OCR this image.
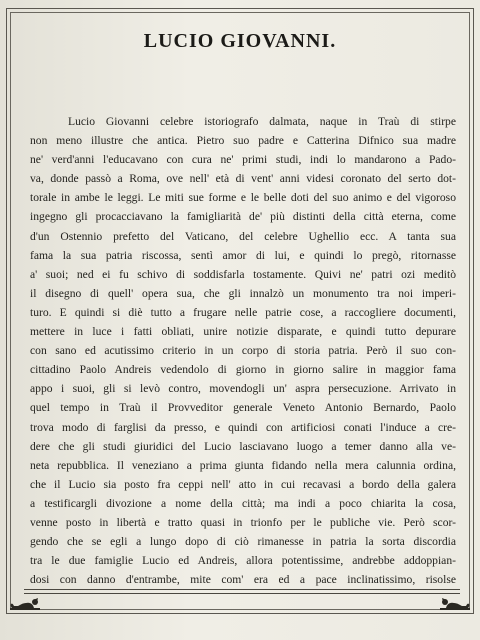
LUCIO GIOVANNI.
Lucio Giovanni celebre istoriografo dalmata, naque in Traù di stirpe
non meno illustre che antica. Pietro suo padre e Catterina Difnico sua madre
ne' verd'anni l'educavano con cura ne' primi studi, indi lo mandarono a Pado-
va, donde passò a Roma, ove nell' età di vent' anni videsi coronato del serto dot-
torale in ambe le leggi. Le miti sue forme e le belle doti del suo animo e del vigoroso
ingegno gli procacciavano la famigliarità de' più distinti della città eterna, come
d'un Ostennio prefetto del Vaticano, del celebre Ughellio ecc. A tanta sua
fama la sua patria riscossa, sentì amor di lui, e quindi lo pregò, ritornasse
a' suoi; ned ei fu schivo di soddisfarla tostamente. Quivi ne' patri ozi meditò
il disegno di quell' opera sua, che gli innalzò un monumento tra noi imperi-
turo. E quindi si diè tutto a frugare nelle patrie cose, a raccogliere documenti,
mettere in luce i fatti obliati, unire notizie disparate, e quindi tutto depurare
con sano ed acutissimo criterio in un corpo di storia patria. Però il suo con-
cittadino Paolo Andreis vedendolo di giorno in giorno salire in maggior fama
appo i suoi, gli si levò contro, movendogli un' aspra persecuzione. Arrivato in
quel tempo in Traù il Provveditor generale Veneto Antonio Bernardo, Paolo
trova modo di farglisi da presso, e quindi con artificiosi conati l'induce a cre-
dere che gli studi giuridici del Lucio lasciavano luogo a temer danno alla ve-
neta repubblica. Il veneziano a prima giunta fidando nella mera calunnia ordina,
che il Lucio sia posto fra ceppi nell' atto in cui recavasi a bordo della galera
a testificargli divozione a nome della città; ma indi a poco chiarita la cosa,
venne posto in libertà e tratto quasi in trionfo per le publiche vie. Però scor-
gendo che se egli a lungo dopo di ciò rimanesse in patria la sorta discordia
tra le due famiglie Lucio ed Andreis, allora potentissime, andrebbe addoppian-
dosi con danno d'entrambe, mite com' era ed a pace inclinatissimo, risolse
